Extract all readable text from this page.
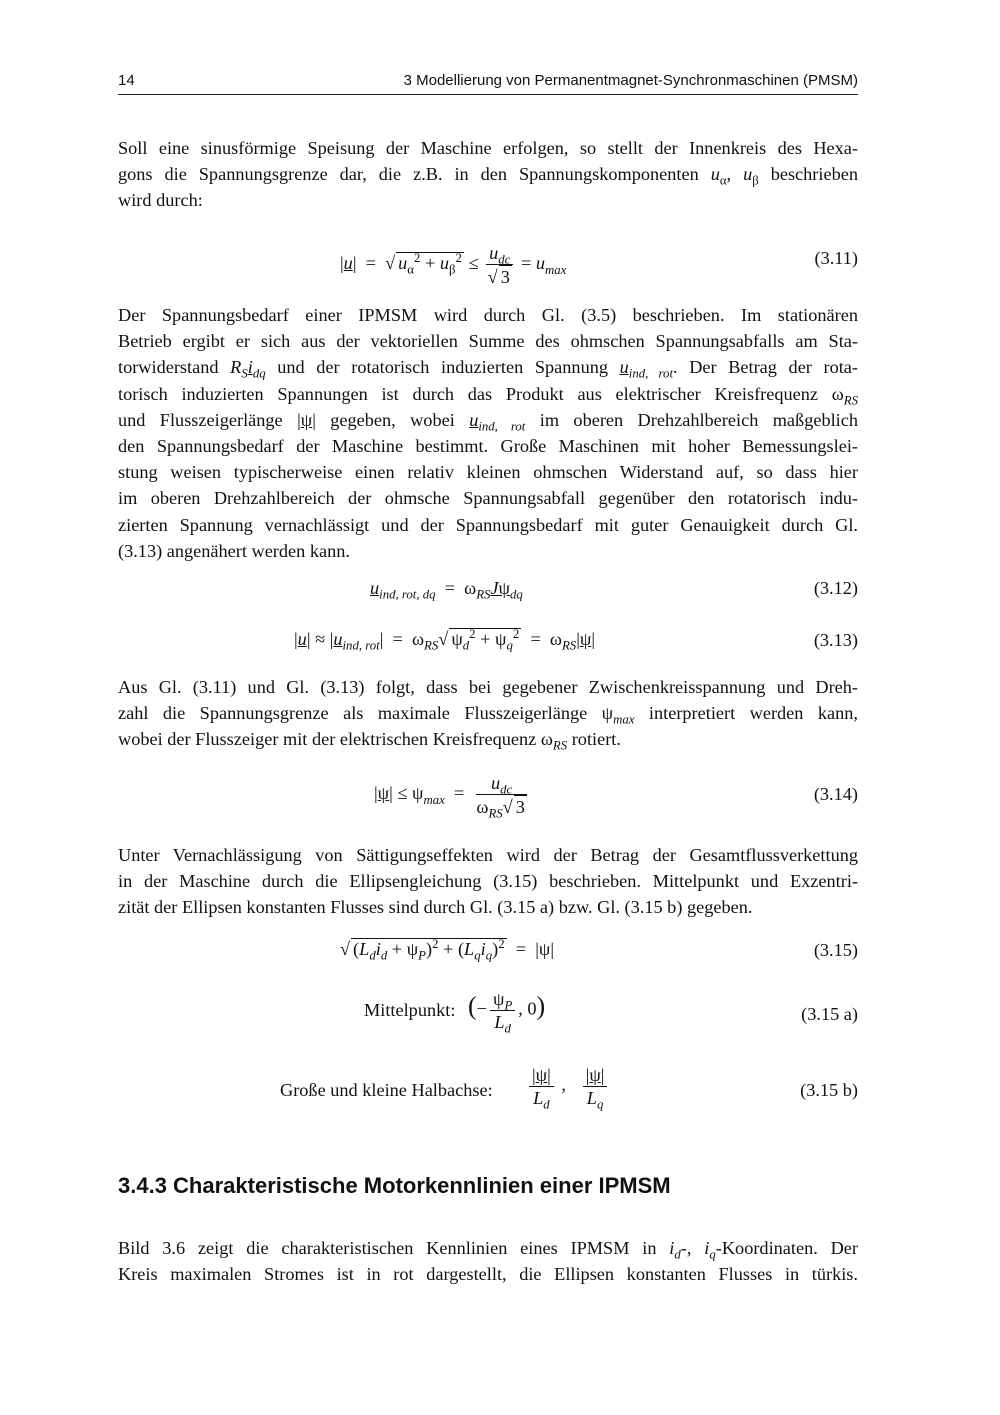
14	3 Modellierung von Permanentmagnet-Synchronmaschinen (PMSM)
Soll eine sinusförmige Speisung der Maschine erfolgen, so stellt der Innenkreis des Hexa-
gons die Spannungsgrenze dar, die z.B. in den Spannungskomponenten $u_\alpha$, $u_\beta$ beschrieben
wird durch:
|u|  =  √ $u_\alpha^2 + u_\beta^2 \le \frac{u_{dc}}{√ 3} = u_{max}$
(3.11)
Der Spannungsbedarf einer IPMSM wird durch Gl. (3.5) beschrieben. Im stationären
Betrieb ergibt er sich aus der vektoriellen Summe des ohmschen Spannungsabfalls am Sta-
torwiderstand $R_Si_{dq}$ und der rotatorisch induzierten Spannung $u_{ind, rot}$. Der Betrag der rota-
torisch induzierten Spannungen ist durch das Produkt aus elektrischer Kreisfrequenz $\omega_{RS}$
und Flusszeigerlänge |ψ| gegeben, wobei $u_{ind, rot}$ im oberen Drehzahlbereich maßgeblich
den Spannungsbedarf der Maschine bestimmt. Große Maschinen mit hoher Bemessungslei-
stung weisen typischerweise einen relativ kleinen ohmschen Widerstand auf, so dass hier
im oberen Drehzahlbereich der ohmsche Spannungsabfall gegenüber den rotatorisch indu-
zierten Spannung vernachlässigt und der Spannungsbedarf mit guter Genauigkeit durch Gl.
(3.13) angenähert werden kann.
$u_{ind, rot, dq} = \omega_{RS}J\psi_{dq}$	(3.12)
$|u| \approx |u_{ind, rot}| = \omega_{RS}√$ $\psi_d^2 + \psi_q^2 = \omega_{RS}|\psi|$	(3.13)
Aus Gl. (3.11) und Gl. (3.13) folgt, dass bei gegebener Zwischenkreisspannung und Dreh-
zahl die Spannungsgrenze als maximale Flusszeigerlänge $\psi_{max}$ interpretiert werden kann,
wobei der Flusszeiger mit der elektrischen Kreisfrequenz $\omega_{RS}$ rotiert.
$|\psi| \le \psi_{max} = \frac{u_{dc}}{\omega_{RS}√ 3}$	(3.14)
Unter Vernachlässigung von Sättigungseffekten wird der Betrag der Gesamtflussverkettung
in der Maschine durch die Ellipsengleichung (3.15) beschrieben. Mittelpunkt und Exzentri-
zität der Ellipsen konstanten Flusses sind durch Gl. (3.15 a) bzw. Gl. (3.15 b) gegeben.
√ $(L_di_d + \psi_P)^2 + (L_qi_q)^2 = |\psi|$	(3.15)
Mittelpunkt: (− $\frac{\psi_P}{L_d}$ , 0)	(3.15 a)
Große und kleine Halbachse: $\frac{|\psi|}{L_d}$ , $\frac{|\psi|}{L_q}$	(3.15 b)
3.4.3 Charakteristische Motorkennlinien einer IPMSM
Bild 3.6 zeigt die charakteristischen Kennlinien eines IPMSM in $i_d-$, $i_q$-Koordinaten. Der
Kreis maximalen Stromes ist in rot dargestellt, die Ellipsen konstanten Flusses in türkis.
